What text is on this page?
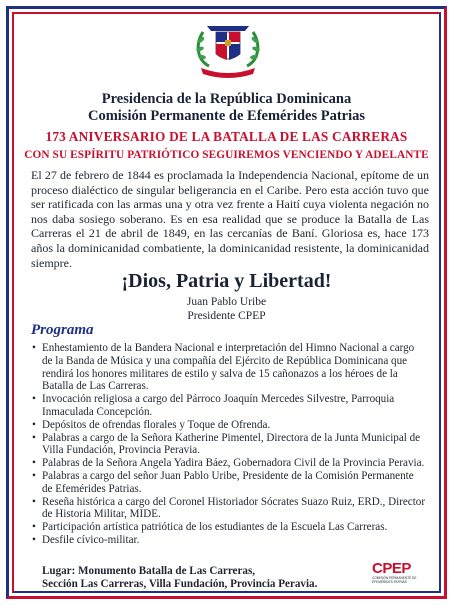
Presidencia de la República Dominicana
Comisión Permanente de Efemérides Patrias
173 ANIVERSARIO DE LA BATALLA DE LAS CARRERAS
CON SU ESPÍRITU PATRIÓTICO SEGUIREMOS VENCIENDO Y ADELANTE
El 27 de febrero de 1844 es proclamada la Independencia Nacional, epítome de un proceso dialéctico de singular beligerancia en el Caribe. Pero esta acción tuvo que ser ratificada con las armas una y otra vez frente a Haití cuya violenta negación no nos daba sosiego soberano. Es en esa realidad que se produce la Batalla de Las Carreras el 21 de abril de 1849, en las cercanías de Baní. Gloriosa es, hace 173 años la dominicanidad combatiente, la dominicanidad resistente, la dominicanidad siempre.
¡Dios, Patria y Libertad!
Juan Pablo Uribe
Presidente CPEP
Programa
• Enhestamiento de la Bandera Nacional e interpretación del Himno Nacional a cargo de la Banda de Música y una compañía del Ejército de República Dominicana que rendirá los honores militares de estilo y salva de 15 cañonazos a los héroes de la Batalla de Las Carreras.
• Invocación religiosa a cargo del Párroco Joaquín Mercedes Silvestre, Parroquia Inmaculada Concepción.
• Depósitos de ofrendas florales y Toque de Ofrenda.
• Palabras a cargo de la Señora Katherine Pimentel, Directora de la Junta Municipal de Villa Fundación, Provincia Peravia.
• Palabras de la Señora Angela Yadira Báez, Gobernadora Civil de la Provincia Peravia.
• Palabras a cargo del señor Juan Pablo Uribe, Presidente de la Comisión Permanente de Efemérides Patrias.
• Reseña histórica a cargo del Coronel Historiador Sócrates Suazo Ruiz, ERD., Director de Historia Militar, MIDE.
• Participación artística patriótica de los estudiantes de la Escuela Las Carreras.
• Desfile cívico-militar.
Lugar: Monumento Batalla de Las Carreras,
Sección Las Carreras, Villa Fundación, Provincia Peravia.
CPEP
COMISIÓN PERMANENTE DE EFEMÉRIDES PATRIAS
